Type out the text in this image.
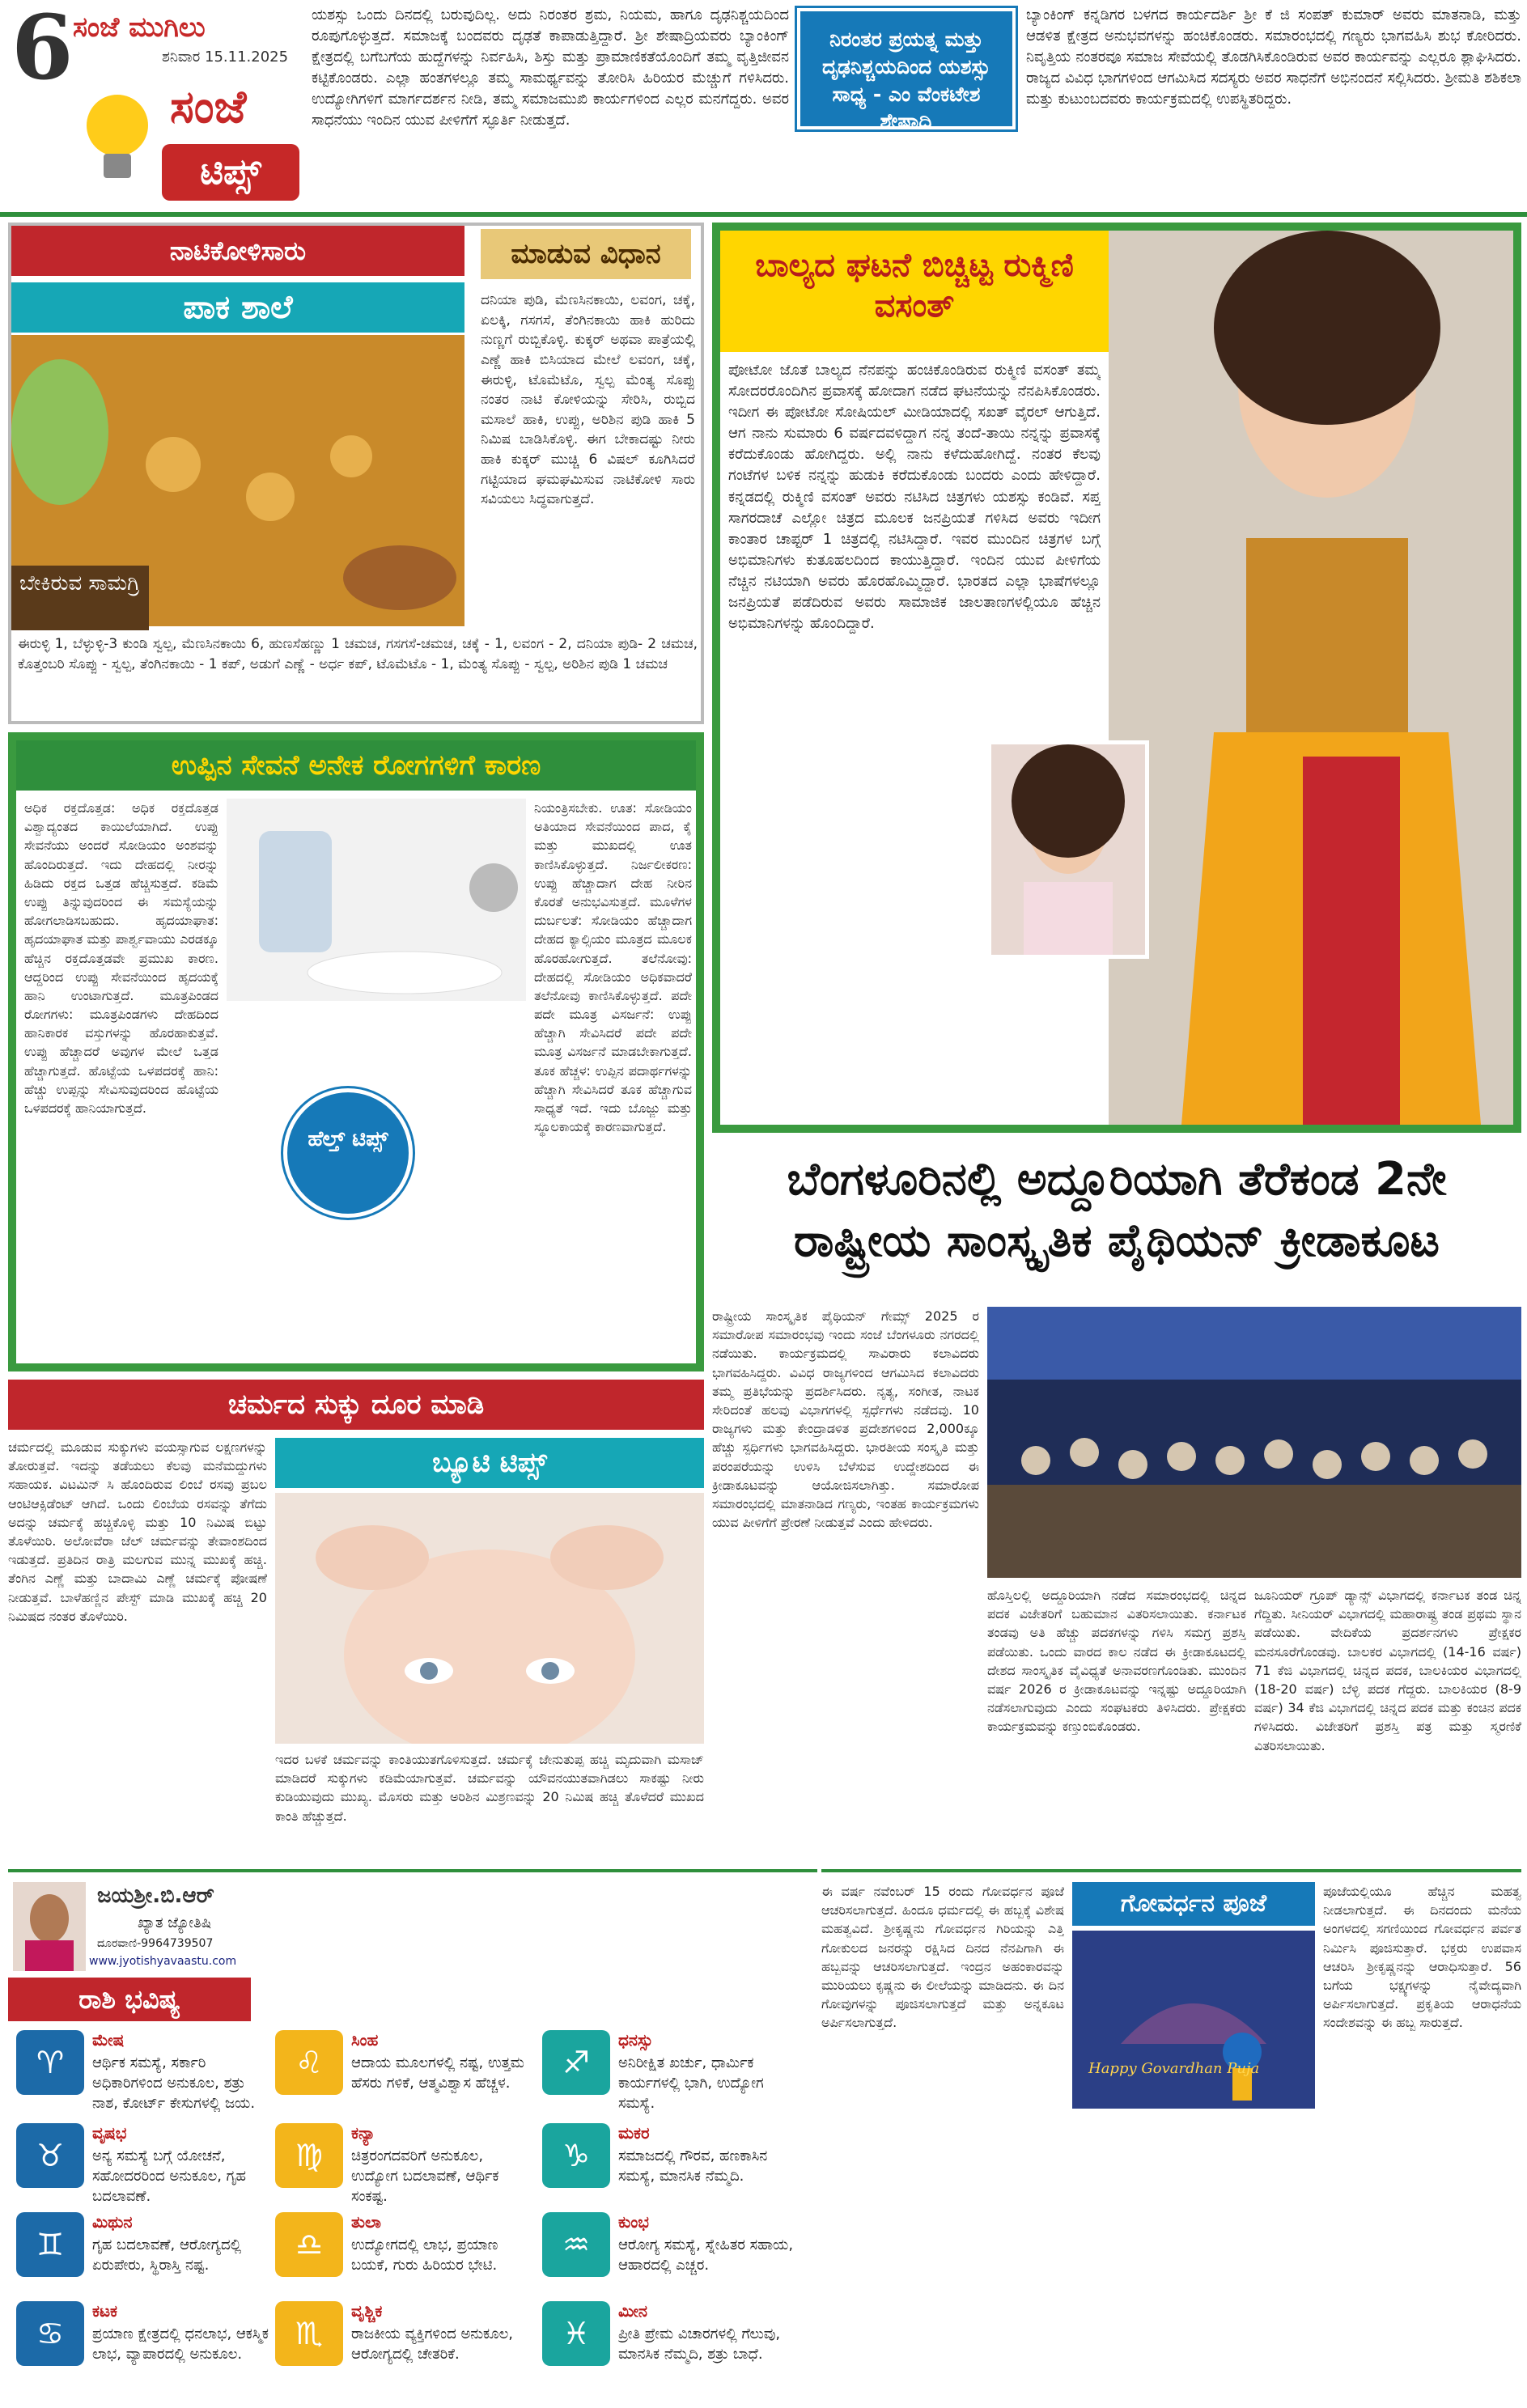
6 ಸಂಜೆ ಮುಗಿಲು
ಶನಿವಾರ 15.11.2025
ಸಂಜೆ
ಟಿಪ್ಸ್
ಯಶಸ್ಸು ಒಂದು ದಿನದಲ್ಲಿ ಬರುವುದಿಲ್ಲ. ಅದು ನಿರಂತರ ಶ್ರಮ, ನಿಯಮ, ಹಾಗೂ ದೃಢನಿಶ್ಚಯದಿಂದ ರೂಪುಗೊಳ್ಳುತ್ತದೆ. ಸಮಾಜಕ್ಕೆ ಬಂದವರು ದೃಢತೆ ಕಾಪಾಡುತ್ತಿದ್ದಾರೆ. ಶ್ರೀ ಶೇಷಾದ್ರಿಯವರು ಬ್ಯಾಂಕಿಂಗ್ ಕ್ಷೇತ್ರದಲ್ಲಿ ಬಗೆಬಗೆಯ ಹುದ್ದೆಗಳನ್ನು ನಿರ್ವಹಿಸಿ, ಶಿಸ್ತು ಮತ್ತು ಪ್ರಾಮಾಣಿಕತೆಯೊಂದಿಗೆ ತಮ್ಮ ವೃತ್ತಿಜೀವನ ಕಟ್ಟಿಕೊಂಡರು. ಎಲ್ಲಾ ಹಂತಗಳಲ್ಲೂ ತಮ್ಮ ಸಾಮರ್ಥ್ಯವನ್ನು ತೋರಿಸಿ ಹಿರಿಯರ ಮೆಚ್ಚುಗೆ ಗಳಿಸಿದರು. ಉದ್ಯೋಗಿಗಳಿಗೆ ಮಾರ್ಗದರ್ಶನ ನೀಡಿ, ತಮ್ಮ ಸಮಾಜಮುಖಿ ಕಾರ್ಯಗಳಿಂದ ಎಲ್ಲರ ಮನಗೆದ್ದರು. ಅವರ ಸಾಧನೆಯು ಇಂದಿನ ಯುವ ಪೀಳಿಗೆಗೆ ಸ್ಫೂರ್ತಿ ನೀಡುತ್ತದೆ.
ನಿರಂತರ ಪ್ರಯತ್ನ ಮತ್ತು ದೃಢನಿಶ್ಚಯದಿಂದ ಯಶಸ್ಸು ಸಾಧ್ಯ - ಎಂ ವೆಂಕಟೇಶ ಶೇಷಾದ್ರಿ
ಬ್ಯಾಂಕಿಂಗ್ ಕನ್ನಡಿಗರ ಬಳಗದ ಕಾರ್ಯದರ್ಶಿ ಶ್ರೀ ಕೆ ಜಿ ಸಂಪತ್ ಕುಮಾರ್ ಅವರು ಮಾತನಾಡಿ, ಮತ್ತು ಆಡಳಿತ ಕ್ಷೇತ್ರದ ಅನುಭವಗಳನ್ನು ಹಂಚಿಕೊಂಡರು. ಸಮಾರಂಭದಲ್ಲಿ ಗಣ್ಯರು ಭಾಗವಹಿಸಿ ಶುಭ ಕೋರಿದರು. ನಿವೃತ್ತಿಯ ನಂತರವೂ ಸಮಾಜ ಸೇವೆಯಲ್ಲಿ ತೊಡಗಿಸಿಕೊಂಡಿರುವ ಅವರ ಕಾರ್ಯವನ್ನು ಎಲ್ಲರೂ ಶ್ಲಾಘಿಸಿದರು. ರಾಜ್ಯದ ವಿವಿಧ ಭಾಗಗಳಿಂದ ಆಗಮಿಸಿದ ಸದಸ್ಯರು ಅವರ ಸಾಧನೆಗೆ ಅಭಿನಂದನೆ ಸಲ್ಲಿಸಿದರು. ಶ್ರೀಮತಿ ಶಶಿಕಲಾ ಮತ್ತು ಕುಟುಂಬದವರು ಕಾರ್ಯಕ್ರಮದಲ್ಲಿ ಉಪಸ್ಥಿತರಿದ್ದರು.
ನಾಟಿಕೋಳಿಸಾರು	ಮಾಡುವ ವಿಧಾನ
ಪಾಕ ಶಾಲೆ
ಬೇಕಿರುವ ಸಾಮಗ್ರಿ
ದನಿಯಾ ಪುಡಿ, ಮೆಣಸಿನಕಾಯಿ, ಲವಂಗ, ಚಕ್ಕೆ, ಏಲಕ್ಕಿ, ಗಸಗಸೆ, ತೆಂಗಿನಕಾಯಿ ಹಾಕಿ ಹುರಿದು ನುಣ್ಣಗೆ ರುಬ್ಬಿಕೊಳ್ಳಿ. ಕುಕ್ಕರ್ ಅಥವಾ ಪಾತ್ರೆಯಲ್ಲಿ ಎಣ್ಣೆ ಹಾಕಿ ಬಿಸಿಯಾದ ಮೇಲೆ ಲವಂಗ, ಚಕ್ಕೆ, ಈರುಳ್ಳಿ, ಟೊಮೆಟೊ, ಸ್ವಲ್ಪ ಮೆಂತ್ಯ ಸೊಪ್ಪು ನಂತರ ನಾಟಿ ಕೋಳಿಯನ್ನು ಸೇರಿಸಿ, ರುಬ್ಬಿದ ಮಸಾಲೆ ಹಾಕಿ, ಉಪ್ಪು, ಅರಿಶಿನ ಪುಡಿ ಹಾಕಿ 5 ನಿಮಿಷ ಬಾಡಿಸಿಕೊಳ್ಳಿ. ಈಗ ಬೇಕಾದಷ್ಟು ನೀರು ಹಾಕಿ ಕುಕ್ಕರ್ ಮುಚ್ಚಿ 6 ವಿಷಲ್ ಕೂಗಿಸಿದರೆ ಗಟ್ಟಿಯಾದ ಘಮಘಮಿಸುವ ನಾಟಿಕೋಳಿ ಸಾರು ಸವಿಯಲು ಸಿದ್ಧವಾಗುತ್ತದೆ.
ಈರುಳ್ಳಿ 1, ಬೆಳ್ಳುಳ್ಳಿ-3 ಕುಂಡಿ ಸ್ವಲ್ಪ, ಮೆಣಸಿನಕಾಯಿ 6, ಹುಣಸೆಹಣ್ಣು 1 ಚಮಚ, ಗಸಗಸೆ-ಚಮಚ, ಚಕ್ಕೆ - 1, ಲವಂಗ - 2, ದನಿಯಾ ಪುಡಿ- 2 ಚಮಚ, ಕೊತ್ತಂಬರಿ ಸೊಪ್ಪು - ಸ್ವಲ್ಪ, ತೆಂಗಿನಕಾಯಿ - 1 ಕಪ್, ಅಡುಗೆ ಎಣ್ಣೆ - ಅರ್ಧ ಕಪ್, ಟೊಮೆಟೊ - 1, ಮೆಂತ್ಯ ಸೊಪ್ಪು - ಸ್ವಲ್ಪ, ಅರಿಶಿನ ಪುಡಿ 1 ಚಮಚ
ಉಪ್ಪಿನ ಸೇವನೆ ಅನೇಕ ರೋಗಗಳಿಗೆ ಕಾರಣ
ಅಧಿಕ ರಕ್ತದೊತ್ತಡ: ಅಧಿಕ ರಕ್ತದೊತ್ತಡ ವಿಶ್ವಾದ್ಯಂತದ ಕಾಯಿಲೆಯಾಗಿದೆ. ಉಪ್ಪು ಸೇವನೆಯು ಅಂದರೆ ಸೋಡಿಯಂ ಅಂಶವನ್ನು ಹೊಂದಿರುತ್ತದೆ. ಇದು ದೇಹದಲ್ಲಿ ನೀರನ್ನು ಹಿಡಿದು ರಕ್ತದ ಒತ್ತಡ ಹೆಚ್ಚಿಸುತ್ತದೆ. ಕಡಿಮೆ ಉಪ್ಪು ತಿನ್ನುವುದರಿಂದ ಈ ಸಮಸ್ಯೆಯನ್ನು ಹೋಗಲಾಡಿಸಬಹುದು. ಹೃದಯಾಘಾತ: ಹೃದಯಾಘಾತ ಮತ್ತು ಪಾರ್ಶ್ವವಾಯು ಎರಡಕ್ಕೂ ಹೆಚ್ಚಿನ ರಕ್ತದೊತ್ತಡವೇ ಪ್ರಮುಖ ಕಾರಣ. ಆದ್ದರಿಂದ ಉಪ್ಪು ಸೇವನೆಯಿಂದ ಹೃದಯಕ್ಕೆ ಹಾನಿ ಉಂಟಾಗುತ್ತದೆ. ಮೂತ್ರಪಿಂಡದ ರೋಗಗಳು: ಮೂತ್ರಪಿಂಡಗಳು ದೇಹದಿಂದ ಹಾನಿಕಾರಕ ವಸ್ತುಗಳನ್ನು ಹೊರಹಾಕುತ್ತವೆ. ಉಪ್ಪು ಹೆಚ್ಚಾದರೆ ಅವುಗಳ ಮೇಲೆ ಒತ್ತಡ ಹೆಚ್ಚಾಗುತ್ತದೆ. ಹೊಟ್ಟೆಯ ಒಳಪದರಕ್ಕೆ ಹಾನಿ: ಹೆಚ್ಚು ಉಪ್ಪನ್ನು ಸೇವಿಸುವುದರಿಂದ ಹೊಟ್ಟೆಯ ಒಳಪದರಕ್ಕೆ ಹಾನಿಯಾಗುತ್ತದೆ.
ನಿಯಂತ್ರಿಸಬೇಕು. ಊತ: ಸೋಡಿಯಂ ಅತಿಯಾದ ಸೇವನೆಯಿಂದ ಪಾದ, ಕೈ ಮತ್ತು ಮುಖದಲ್ಲಿ ಊತ ಕಾಣಿಸಿಕೊಳ್ಳುತ್ತದೆ. ನಿರ್ಜಲೀಕರಣ: ಉಪ್ಪು ಹೆಚ್ಚಾದಾಗ ದೇಹ ನೀರಿನ ಕೊರತೆ ಅನುಭವಿಸುತ್ತದೆ. ಮೂಳೆಗಳ ದುರ್ಬಲತೆ: ಸೋಡಿಯಂ ಹೆಚ್ಚಾದಾಗ ದೇಹದ ಕ್ಯಾಲ್ಸಿಯಂ ಮೂತ್ರದ ಮೂಲಕ ಹೊರಹೋಗುತ್ತದೆ. ತಲೆನೋವು: ದೇಹದಲ್ಲಿ ಸೋಡಿಯಂ ಅಧಿಕವಾದರೆ ತಲೆನೋವು ಕಾಣಿಸಿಕೊಳ್ಳುತ್ತದೆ. ಪದೇ ಪದೇ ಮೂತ್ರ ವಿಸರ್ಜನೆ: ಉಪ್ಪು ಹೆಚ್ಚಾಗಿ ಸೇವಿಸಿದರೆ ಪದೇ ಪದೇ ಮೂತ್ರ ವಿಸರ್ಜನೆ ಮಾಡಬೇಕಾಗುತ್ತದೆ. ತೂಕ ಹೆಚ್ಚಳ: ಉಪ್ಪಿನ ಪದಾರ್ಥಗಳನ್ನು ಹೆಚ್ಚಾಗಿ ಸೇವಿಸಿದರೆ ತೂಕ ಹೆಚ್ಚಾಗುವ ಸಾಧ್ಯತೆ ಇದೆ. ಇದು ಬೊಜ್ಜು ಮತ್ತು ಸ್ಥೂಲಕಾಯಕ್ಕೆ ಕಾರಣವಾಗುತ್ತದೆ.
ಹೆಲ್ತ್ ಟಿಪ್ಸ್
ಚರ್ಮದ ಸುಕ್ಕು ದೂರ ಮಾಡಿ
ಚರ್ಮದಲ್ಲಿ ಮೂಡುವ ಸುಕ್ಕುಗಳು ವಯಸ್ಸಾಗುವ ಲಕ್ಷಣಗಳನ್ನು ತೋರುತ್ತವೆ. ಇದನ್ನು ತಡೆಯಲು ಕೆಲವು ಮನೆಮದ್ದುಗಳು ಸಹಾಯಕ. ವಿಟಮಿನ್ ಸಿ ಹೊಂದಿರುವ ಲಿಂಬೆ ರಸವು ಪ್ರಬಲ ಆಂಟಿಆಕ್ಸಿಡೆಂಟ್ ಆಗಿದೆ. ಒಂದು ಲಿಂಬೆಯ ರಸವನ್ನು ತೆಗೆದು ಅದನ್ನು ಚರ್ಮಕ್ಕೆ ಹಚ್ಚಿಕೊಳ್ಳಿ ಮತ್ತು 10 ನಿಮಿಷ ಬಿಟ್ಟು ತೊಳೆಯಿರಿ. ಅಲೋವೆರಾ ಜೆಲ್ ಚರ್ಮವನ್ನು ತೇವಾಂಶದಿಂದ ಇಡುತ್ತದೆ. ಪ್ರತಿದಿನ ರಾತ್ರಿ ಮಲಗುವ ಮುನ್ನ ಮುಖಕ್ಕೆ ಹಚ್ಚಿ. ತೆಂಗಿನ ಎಣ್ಣೆ ಮತ್ತು ಬಾದಾಮಿ ಎಣ್ಣೆ ಚರ್ಮಕ್ಕೆ ಪೋಷಣೆ ನೀಡುತ್ತವೆ. ಬಾಳೆಹಣ್ಣಿನ ಪೇಸ್ಟ್ ಮಾಡಿ ಮುಖಕ್ಕೆ ಹಚ್ಚಿ 20 ನಿಮಿಷದ ನಂತರ ತೊಳೆಯಿರಿ.
ಬ್ಯೂಟಿ ಟಿಪ್ಸ್
ಇದರ ಬಳಕೆ ಚರ್ಮವನ್ನು ಕಾಂತಿಯುತಗೊಳಿಸುತ್ತದೆ. ಚರ್ಮಕ್ಕೆ ಜೇನುತುಪ್ಪ ಹಚ್ಚಿ ಮೃದುವಾಗಿ ಮಸಾಜ್ ಮಾಡಿದರೆ ಸುಕ್ಕುಗಳು ಕಡಿಮೆಯಾಗುತ್ತವೆ. ಚರ್ಮವನ್ನು ಯೌವನಯುತವಾಗಿಡಲು ಸಾಕಷ್ಟು ನೀರು ಕುಡಿಯುವುದು ಮುಖ್ಯ. ಮೊಸರು ಮತ್ತು ಅರಿಶಿನ ಮಿಶ್ರಣವನ್ನು 20 ನಿಮಿಷ ಹಚ್ಚಿ ತೊಳೆದರೆ ಮುಖದ ಕಾಂತಿ ಹೆಚ್ಚುತ್ತದೆ.
ಬಾಲ್ಯದ ಘಟನೆ ಬಿಚ್ಚಿಟ್ಟ ರುಕ್ಮಿಣಿ ವಸಂತ್
ಪೋಟೋ ಜೊತೆ ಬಾಲ್ಯದ ನೆನಪನ್ನು ಹಂಚಿಕೊಂಡಿರುವ ರುಕ್ಮಿಣಿ ವಸಂತ್ ತಮ್ಮ ಸೋದರರೊಂದಿಗಿನ ಪ್ರವಾಸಕ್ಕೆ ಹೋದಾಗ ನಡೆದ ಘಟನೆಯನ್ನು ನೆನಪಿಸಿಕೊಂಡರು. ಇದೀಗ ಈ ಪೋಟೋ ಸೋಷಿಯಲ್ ಮೀಡಿಯಾದಲ್ಲಿ ಸಖತ್ ವೈರಲ್ ಆಗುತ್ತಿದೆ. ಆಗ ನಾನು ಸುಮಾರು 6 ವರ್ಷದವಳಿದ್ದಾಗ ನನ್ನ ತಂದೆ-ತಾಯಿ ನನ್ನನ್ನು ಪ್ರವಾಸಕ್ಕೆ ಕರೆದುಕೊಂಡು ಹೋಗಿದ್ದರು. ಅಲ್ಲಿ ನಾನು ಕಳೆದುಹೋಗಿದ್ದೆ. ನಂತರ ಕೆಲವು ಗಂಟೆಗಳ ಬಳಿಕ ನನ್ನನ್ನು ಹುಡುಕಿ ಕರೆದುಕೊಂಡು ಬಂದರು ಎಂದು ಹೇಳಿದ್ದಾರೆ. ಕನ್ನಡದಲ್ಲಿ ರುಕ್ಮಿಣಿ ವಸಂತ್ ಅವರು ನಟಿಸಿದ ಚಿತ್ರಗಳು ಯಶಸ್ಸು ಕಂಡಿವೆ. ಸಪ್ತ ಸಾಗರದಾಚೆ ಎಲ್ಲೋ ಚಿತ್ರದ ಮೂಲಕ ಜನಪ್ರಿಯತೆ ಗಳಿಸಿದ ಅವರು ಇದೀಗ ಕಾಂತಾರ ಚಾಪ್ಟರ್ 1 ಚಿತ್ರದಲ್ಲಿ ನಟಿಸಿದ್ದಾರೆ. ಇವರ ಮುಂದಿನ ಚಿತ್ರಗಳ ಬಗ್ಗೆ ಅಭಿಮಾನಿಗಳು ಕುತೂಹಲದಿಂದ ಕಾಯುತ್ತಿದ್ದಾರೆ. ಇಂದಿನ ಯುವ ಪೀಳಿಗೆಯ ನೆಚ್ಚಿನ ನಟಿಯಾಗಿ ಅವರು ಹೊರಹೊಮ್ಮಿದ್ದಾರೆ. ಭಾರತದ ಎಲ್ಲಾ ಭಾಷೆಗಳಲ್ಲೂ ಜನಪ್ರಿಯತೆ ಪಡೆದಿರುವ ಅವರು ಸಾಮಾಜಿಕ ಜಾಲತಾಣಗಳಲ್ಲಿಯೂ ಹೆಚ್ಚಿನ ಅಭಿಮಾನಿಗಳನ್ನು ಹೊಂದಿದ್ದಾರೆ.
ಬೆಂಗಳೂರಿನಲ್ಲಿ ಅದ್ದೂರಿಯಾಗಿ ತೆರೆಕಂಡ 2ನೇ ರಾಷ್ಟ್ರೀಯ ಸಾಂಸ್ಕೃತಿಕ ಪೈಥಿಯನ್ ಕ್ರೀಡಾಕೂಟ
ರಾಷ್ಟ್ರೀಯ ಸಾಂಸ್ಕೃತಿಕ ಪೈಥಿಯನ್ ಗೇಮ್ಸ್ 2025 ರ ಸಮಾರೋಪ ಸಮಾರಂಭವು ಇಂದು ಸಂಜೆ ಬೆಂಗಳೂರು ನಗರದಲ್ಲಿ ನಡೆಯಿತು. ಕಾರ್ಯಕ್ರಮದಲ್ಲಿ ಸಾವಿರಾರು ಕಲಾವಿದರು ಭಾಗವಹಿಸಿದ್ದರು. ವಿವಿಧ ರಾಜ್ಯಗಳಿಂದ ಆಗಮಿಸಿದ ಕಲಾವಿದರು ತಮ್ಮ ಪ್ರತಿಭೆಯನ್ನು ಪ್ರದರ್ಶಿಸಿದರು. ನೃತ್ಯ, ಸಂಗೀತ, ನಾಟಕ ಸೇರಿದಂತೆ ಹಲವು ವಿಭಾಗಗಳಲ್ಲಿ ಸ್ಪರ್ಧೆಗಳು ನಡೆದವು. 10 ರಾಜ್ಯಗಳು ಮತ್ತು ಕೇಂದ್ರಾಡಳಿತ ಪ್ರದೇಶಗಳಿಂದ 2,000ಕ್ಕೂ ಹೆಚ್ಚು ಸ್ಪರ್ಧಿಗಳು ಭಾಗವಹಿಸಿದ್ದರು. ಭಾರತೀಯ ಸಂಸ್ಕೃತಿ ಮತ್ತು ಪರಂಪರೆಯನ್ನು ಉಳಿಸಿ ಬೆಳೆಸುವ ಉದ್ದೇಶದಿಂದ ಈ ಕ್ರೀಡಾಕೂಟವನ್ನು ಆಯೋಜಿಸಲಾಗಿತ್ತು. ಸಮಾರೋಪ ಸಮಾರಂಭದಲ್ಲಿ ಮಾತನಾಡಿದ ಗಣ್ಯರು, ಇಂತಹ ಕಾರ್ಯಕ್ರಮಗಳು ಯುವ ಪೀಳಿಗೆಗೆ ಪ್ರೇರಣೆ ನೀಡುತ್ತವೆ ಎಂದು ಹೇಳಿದರು.
ಹೊಸ್ತಿಲಲ್ಲಿ ಅದ್ದೂರಿಯಾಗಿ ನಡೆದ ಸಮಾರಂಭದಲ್ಲಿ ಚಿನ್ನದ ಪದಕ ವಿಜೇತರಿಗೆ ಬಹುಮಾನ ವಿತರಿಸಲಾಯಿತು. ಕರ್ನಾಟಕ ತಂಡವು ಅತಿ ಹೆಚ್ಚು ಪದಕಗಳನ್ನು ಗಳಿಸಿ ಸಮಗ್ರ ಪ್ರಶಸ್ತಿ ಪಡೆಯಿತು. ಒಂದು ವಾರದ ಕಾಲ ನಡೆದ ಈ ಕ್ರೀಡಾಕೂಟದಲ್ಲಿ ದೇಶದ ಸಾಂಸ್ಕೃತಿಕ ವೈವಿಧ್ಯತೆ ಅನಾವರಣಗೊಂಡಿತು. ಮುಂದಿನ ವರ್ಷ 2026 ರ ಕ್ರೀಡಾಕೂಟವನ್ನು ಇನ್ನಷ್ಟು ಅದ್ದೂರಿಯಾಗಿ ನಡೆಸಲಾಗುವುದು ಎಂದು ಸಂಘಟಕರು ತಿಳಿಸಿದರು. ಪ್ರೇಕ್ಷಕರು ಕಾರ್ಯಕ್ರಮವನ್ನು ಕಣ್ತುಂಬಿಕೊಂಡರು.
ಜೂನಿಯರ್ ಗ್ರೂಪ್ ಡ್ಯಾನ್ಸ್ ವಿಭಾಗದಲ್ಲಿ ಕರ್ನಾಟಕ ತಂಡ ಚಿನ್ನ ಗೆದ್ದಿತು. ಸೀನಿಯರ್ ವಿಭಾಗದಲ್ಲಿ ಮಹಾರಾಷ್ಟ್ರ ತಂಡ ಪ್ರಥಮ ಸ್ಥಾನ ಪಡೆಯಿತು. ವೇದಿಕೆಯ ಪ್ರದರ್ಶನಗಳು ಪ್ರೇಕ್ಷಕರ ಮನಸೂರೆಗೊಂಡವು. ಬಾಲಕರ ವಿಭಾಗದಲ್ಲಿ (14-16 ವರ್ಷ) 71 ಕೆಜಿ ವಿಭಾಗದಲ್ಲಿ ಚಿನ್ನದ ಪದಕ, ಬಾಲಕಿಯರ ವಿಭಾಗದಲ್ಲಿ (18-20 ವರ್ಷ) ಬೆಳ್ಳಿ ಪದಕ ಗೆದ್ದರು. ಬಾಲಕಿಯರ (8-9 ವರ್ಷ) 34 ಕೆಜಿ ವಿಭಾಗದಲ್ಲಿ ಚಿನ್ನದ ಪದಕ ಮತ್ತು ಕಂಚಿನ ಪದಕ ಗಳಿಸಿದರು. ವಿಜೇತರಿಗೆ ಪ್ರಶಸ್ತಿ ಪತ್ರ ಮತ್ತು ಸ್ಮರಣಿಕೆ ವಿತರಿಸಲಾಯಿತು.
ಜಯಶ್ರೀ.ಬಿ.ಆರ್
ಖ್ಯಾತ ಜ್ಯೋತಿಷಿ
ದೂರವಾಣಿ-9964739507
www.jyotishyavaastu.com
ರಾಶಿ ಭವಿಷ್ಯ
♈
ಮೇಷ
ಆರ್ಥಿಕ ಸಮಸ್ಯೆ, ಸರ್ಕಾರಿ ಅಧಿಕಾರಿಗಳಿಂದ ಅನುಕೂಲ, ಶತ್ರು ನಾಶ, ಕೋರ್ಟ್ ಕೇಸುಗಳಲ್ಲಿ ಜಯ.
♉
ವೃಷಭ
ಅನ್ಯ ಸಮಸ್ಯೆ ಬಗ್ಗೆ ಯೋಚನೆ, ಸಹೋದರರಿಂದ ಅನುಕೂಲ, ಗೃಹ ಬದಲಾವಣೆ.
♊
ಮಿಥುನ
ಗೃಹ ಬದಲಾವಣೆ, ಆರೋಗ್ಯದಲ್ಲಿ ಏರುಪೇರು, ಸ್ಥಿರಾಸ್ತಿ ನಷ್ಟ.
♋
ಕಟಕ
ಪ್ರಯಾಣ ಕ್ಷೇತ್ರದಲ್ಲಿ ಧನಲಾಭ, ಆಕಸ್ಮಿಕ ಲಾಭ, ವ್ಯಾಪಾರದಲ್ಲಿ ಅನುಕೂಲ.
♌
ಸಿಂಹ
ಆದಾಯ ಮೂಲಗಳಲ್ಲಿ ನಷ್ಟ, ಉತ್ತಮ ಹೆಸರು ಗಳಿಕೆ, ಆತ್ಮವಿಶ್ವಾಸ ಹೆಚ್ಚಳ.
♍
ಕನ್ಯಾ
ಚಿತ್ರರಂಗದವರಿಗೆ ಅನುಕೂಲ, ಉದ್ಯೋಗ ಬದಲಾವಣೆ, ಆರ್ಥಿಕ ಸಂಕಷ್ಟ.
♎
ತುಲಾ
ಉದ್ಯೋಗದಲ್ಲಿ ಲಾಭ, ಪ್ರಯಾಣ ಬಯಕೆ, ಗುರು ಹಿರಿಯರ ಭೇಟಿ.
♏
ವೃಶ್ಚಿಕ
ರಾಜಕೀಯ ವ್ಯಕ್ತಿಗಳಿಂದ ಅನುಕೂಲ, ಆರೋಗ್ಯದಲ್ಲಿ ಚೇತರಿಕೆ.
♐
ಧನಸ್ಸು
ಅನಿರೀಕ್ಷಿತ ಖರ್ಚು, ಧಾರ್ಮಿಕ ಕಾರ್ಯಗಳಲ್ಲಿ ಭಾಗಿ, ಉದ್ಯೋಗ ಸಮಸ್ಯೆ.
♑
ಮಕರ
ಸಮಾಜದಲ್ಲಿ ಗೌರವ, ಹಣಕಾಸಿನ ಸಮಸ್ಯೆ, ಮಾನಸಿಕ ನೆಮ್ಮದಿ.
♒
ಕುಂಭ
ಆರೋಗ್ಯ ಸಮಸ್ಯೆ, ಸ್ನೇಹಿತರ ಸಹಾಯ, ಆಹಾರದಲ್ಲಿ ಎಚ್ಚರ.
♓
ಮೀನ
ಪ್ರೀತಿ ಪ್ರೇಮ ವಿಚಾರಗಳಲ್ಲಿ ಗೆಲುವು, ಮಾನಸಿಕ ನೆಮ್ಮದಿ, ಶತ್ರು ಬಾಧೆ.
ಈ ವರ್ಷ ನವೆಂಬರ್ 15 ರಂದು ಗೋವರ್ಧನ ಪೂಜೆ ಆಚರಿಸಲಾಗುತ್ತದೆ. ಹಿಂದೂ ಧರ್ಮದಲ್ಲಿ ಈ ಹಬ್ಬಕ್ಕೆ ವಿಶೇಷ ಮಹತ್ವವಿದೆ. ಶ್ರೀಕೃಷ್ಣನು ಗೋವರ್ಧನ ಗಿರಿಯನ್ನು ಎತ್ತಿ ಗೋಕುಲದ ಜನರನ್ನು ರಕ್ಷಿಸಿದ ದಿನದ ನೆನಪಿಗಾಗಿ ಈ ಹಬ್ಬವನ್ನು ಆಚರಿಸಲಾಗುತ್ತದೆ. ಇಂದ್ರನ ಅಹಂಕಾರವನ್ನು ಮುರಿಯಲು ಕೃಷ್ಣನು ಈ ಲೀಲೆಯನ್ನು ಮಾಡಿದನು. ಈ ದಿನ ಗೋವುಗಳನ್ನು ಪೂಜಿಸಲಾಗುತ್ತದೆ ಮತ್ತು ಅನ್ನಕೂಟ ಅರ್ಪಿಸಲಾಗುತ್ತದೆ.
ಗೋವರ್ಧನ ಪೂಜೆ
Happy Govardhan Puja
ಪೂಜೆಯಲ್ಲಿಯೂ ಹೆಚ್ಚಿನ ಮಹತ್ವ ನೀಡಲಾಗುತ್ತದೆ. ಈ ದಿನದಂದು ಮನೆಯ ಅಂಗಳದಲ್ಲಿ ಸಗಣಿಯಿಂದ ಗೋವರ್ಧನ ಪರ್ವತ ನಿರ್ಮಿಸಿ ಪೂಜಿಸುತ್ತಾರೆ. ಭಕ್ತರು ಉಪವಾಸ ಆಚರಿಸಿ ಶ್ರೀಕೃಷ್ಣನನ್ನು ಆರಾಧಿಸುತ್ತಾರೆ. 56 ಬಗೆಯ ಭಕ್ಷ್ಯಗಳನ್ನು ನೈವೇದ್ಯವಾಗಿ ಅರ್ಪಿಸಲಾಗುತ್ತದೆ. ಪ್ರಕೃತಿಯ ಆರಾಧನೆಯ ಸಂದೇಶವನ್ನು ಈ ಹಬ್ಬ ಸಾರುತ್ತದೆ.
